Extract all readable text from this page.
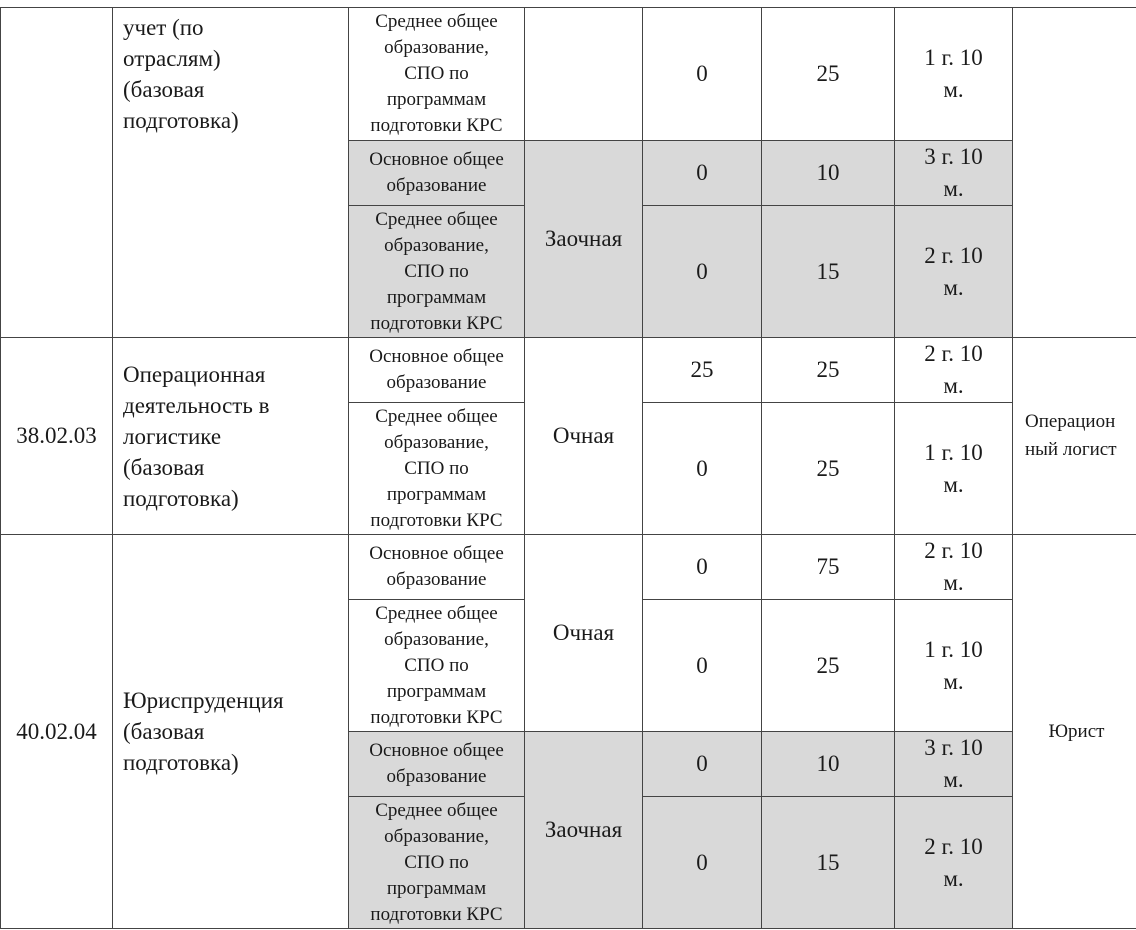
	учет (по
отраслям)
(базовая
подготовка)	Среднее общее
образование,
СПО по
программам
подготовки КРС		0	25	1 г. 10
м.	

		Основное общее
образование	Заочная	0	10	3 г. 10
м.	

		Среднее общее
образование,
СПО по
программам
подготовки КРС		0	15	2 г. 10
м.	

38.02.03	Операционная
деятельность в
логистике
(базовая
подготовка)	Основное общее
образование	Очная	25	25	2 г. 10
м.	Операцион
ный логист

		Среднее общее
образование,
СПО по
программам
подготовки КРС		0	25	1 г. 10
м.	

40.02.04	Юриспруденция
(базовая
подготовка)	Основное общее
образование	Очная	0	75	2 г. 10
м.	Юрист

		Среднее общее
образование,
СПО по
программам
подготовки КРС		0	25	1 г. 10
м.	

		Основное общее
образование	Заочная	0	10	3 г. 10
м.	

		Среднее общее
образование,
СПО по
программам
подготовки КРС		0	15	2 г. 10
м.	
